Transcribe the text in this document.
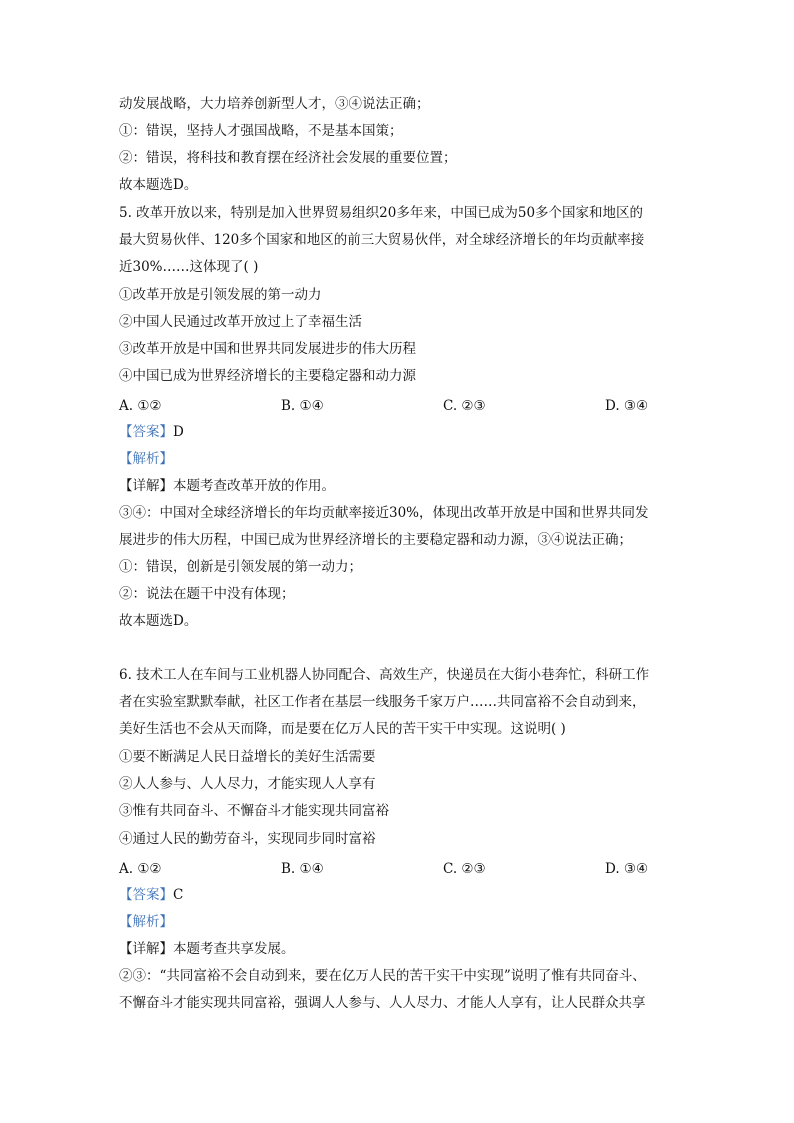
动发展战略，大力培养创新型人才，③④说法正确；
①：错误，坚持人才强国战略，不是基本国策；
②：错误，将科技和教育摆在经济社会发展的重要位置；
故本题选D。
5. 改革开放以来，特别是加入世界贸易组织20多年来，中国已成为50多个国家和地区的
最大贸易伙伴、120多个国家和地区的前三大贸易伙伴，对全球经济增长的年均贡献率接
近30%……这体现了( )
①改革开放是引领发展的第一动力
②中国人民通过改革开放过上了幸福生活
③改革开放是中国和世界共同发展进步的伟大历程
④中国已成为世界经济增长的主要稳定器和动力源
A. ①②	B. ①④	C. ②③	D. ③④
【答案】D
【解析】
【详解】本题考查改革开放的作用。
③④：中国对全球经济增长的年均贡献率接近30%，体现出改革开放是中国和世界共同发
展进步的伟大历程，中国已成为世界经济增长的主要稳定器和动力源，③④说法正确；
①：错误，创新是引领发展的第一动力；
②：说法在题干中没有体现；
故本题选D。
6. 技术工人在车间与工业机器人协同配合、高效生产，快递员在大街小巷奔忙，科研工作
者在实验室默默奉献，社区工作者在基层一线服务千家万户……共同富裕不会自动到来，
美好生活也不会从天而降，而是要在亿万人民的苦干实干中实现。这说明( )
①要不断满足人民日益增长的美好生活需要
②人人参与、人人尽力，才能实现人人享有
③惟有共同奋斗、不懈奋斗才能实现共同富裕
④通过人民的勤劳奋斗，实现同步同时富裕
A. ①②	B. ①④	C. ②③	D. ③④
【答案】C
【解析】
【详解】本题考查共享发展。
②③：“共同富裕不会自动到来，要在亿万人民的苦干实干中实现”说明了惟有共同奋斗、
不懈奋斗才能实现共同富裕，强调人人参与、人人尽力、才能人人享有，让人民群众共享
